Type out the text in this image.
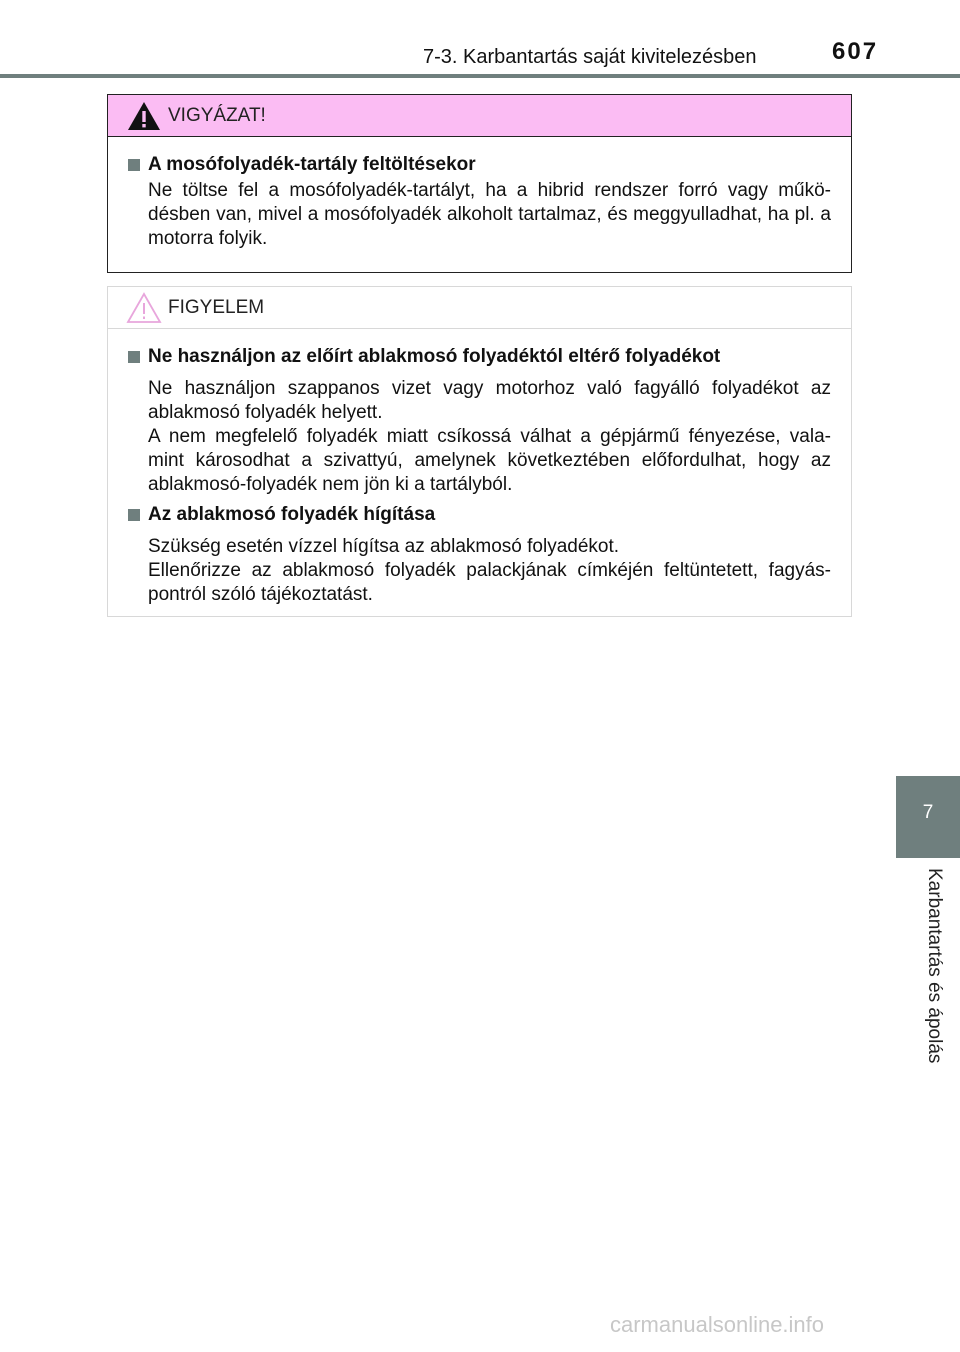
7-3. Karbantartás saját kivitelezésben	607
VIGYÁZAT!
A mosófolyadék-tartály feltöltésekor

Ne töltse fel a mosófolyadék-tartályt, ha a hibrid rendszer forró vagy műkö- désben van, mivel a mosófolyadék alkoholt tartalmaz, és meggyulladhat, ha pl. a motorra folyik.

FIGYELEM
Ne használjon az előírt ablakmosó folyadéktól eltérő folyadékot

Ne használjon szappanos vizet vagy motorhoz való fagyálló folyadékot az ablakmosó folyadék helyett.

A nem megfelelő folyadék miatt csíkossá válhat a gépjármű fényezése, vala- mint károsodhat a szivattyú, amelynek következtében előfordulhat, hogy az ablakmosó-folyadék nem jön ki a tartályból.

Az ablakmosó folyadék hígítása

Szükség esetén vízzel hígítsa az ablakmosó folyadékot.

Ellenőrizze az ablakmosó folyadék palackjának címkéjén feltüntetett, fagyás- pontról szóló tájékoztatást.

7
Karbantartás és ápolás
carmanualsonline.info
